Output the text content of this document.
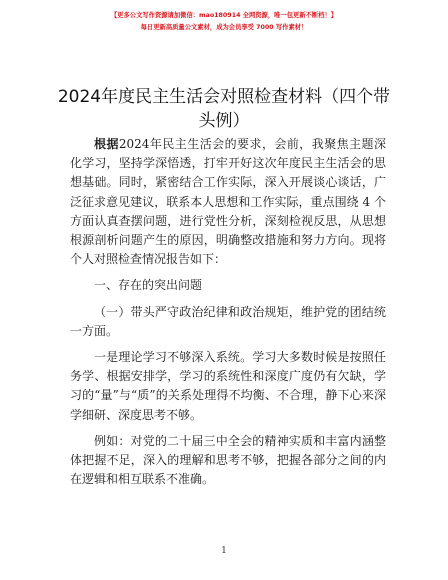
【更多公文写作资源请加微信：mao180914 全网资源，唯一包更新不断档！】
每日更新高质量公文素材，成为会员享受 7000 写作素材！
2024年度民主生活会对照检查材料（四个带头例）

根据2024年民主生活会的要求，会前，我聚焦主题深化学习，坚持学深悟透，打牢开好这次年度民主生活会的思想基础。同时，紧密结合工作实际，深入开展谈心谈话，广泛征求意见建议，联系本人思想和工作实际，重点围绕 4 个方面认真查摆问题，进行党性分析，深刻检视反思，从思想根源剖析问题产生的原因，明确整改措施和努力方向。现将个人对照检查情况报告如下：

一、存在的突出问题

（一）带头严守政治纪律和政治规矩，维护党的团结统一方面。

一是理论学习不够深入系统。学习大多数时候是按照任务学、根据安排学，学习的系统性和深度广度仍有欠缺，学习的“量”与“质”的关系处理得不均衡、不合理，静下心来深学细研、深度思考不够。

例如：对党的二十届三中全会的精神实质和丰富内涵整体把握不足，深入的理解和思考不够，把握各部分之间的内在逻辑和相互联系不准确。

1
